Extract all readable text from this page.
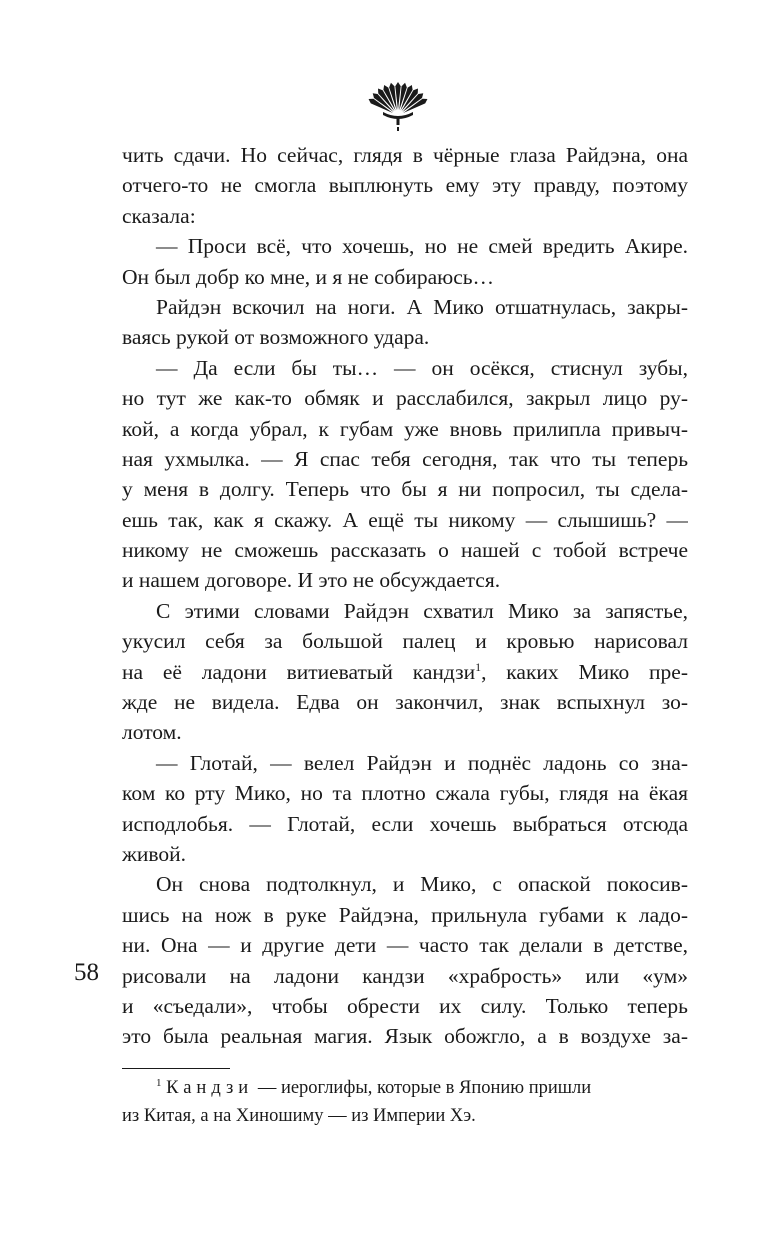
чить сдачи. Но сейчас, глядя в чёрные глаза Райдэна, она
отчего-то не смогла выплюнуть ему эту правду, поэтому
сказала:
— Проси всё, что хочешь, но не смей вредить Акире.
Он был добр ко мне, и я не собираюсь…
Райдэн вскочил на ноги. А Мико отшатнулась, закры-
ваясь рукой от возможного удара.
— Да если бы ты… — он осёкся, стиснул зубы,
но тут же как-то обмяк и расслабился, закрыл лицо ру-
кой, а когда убрал, к губам уже вновь прилипла привыч-
ная ухмылка. — Я спас тебя сегодня, так что ты теперь
у меня в долгу. Теперь что бы я ни попросил, ты сдела-
ешь так, как я скажу. А ещё ты никому — слышишь? —
никому не сможешь рассказать о нашей с тобой встрече
и нашем договоре. И это не обсуждается.
С этими словами Райдэн схватил Мико за запястье,
укусил себя за большой палец и кровью нарисовал
на её ладони витиеватый кандзи$^1$, каких Мико пре-
жде не видела. Едва он закончил, знак вспыхнул зо-
лотом.
— Глотай, — велел Райдэн и поднёс ладонь со зна-
ком ко рту Мико, но та плотно сжала губы, глядя на ёкая
исподлобья. — Глотай, если хочешь выбраться отсюда
живой.
Он снова подтолкнул, и Мико, с опаской покосив-
шись на нож в руке Райдэна, прильнула губами к ладо-
ни. Она — и другие дети — часто так делали в детстве,
рисовали на ладони кандзи «храбрость» или «ум»
и «съедали», чтобы обрести их силу. Только теперь
это была реальная магия. Язык обожгло, а в воздухе за-
58
$^1$ Кандзи — иероглифы, которые в Японию пришли
из Китая, а на Хиношиму — из Империи Хэ.
